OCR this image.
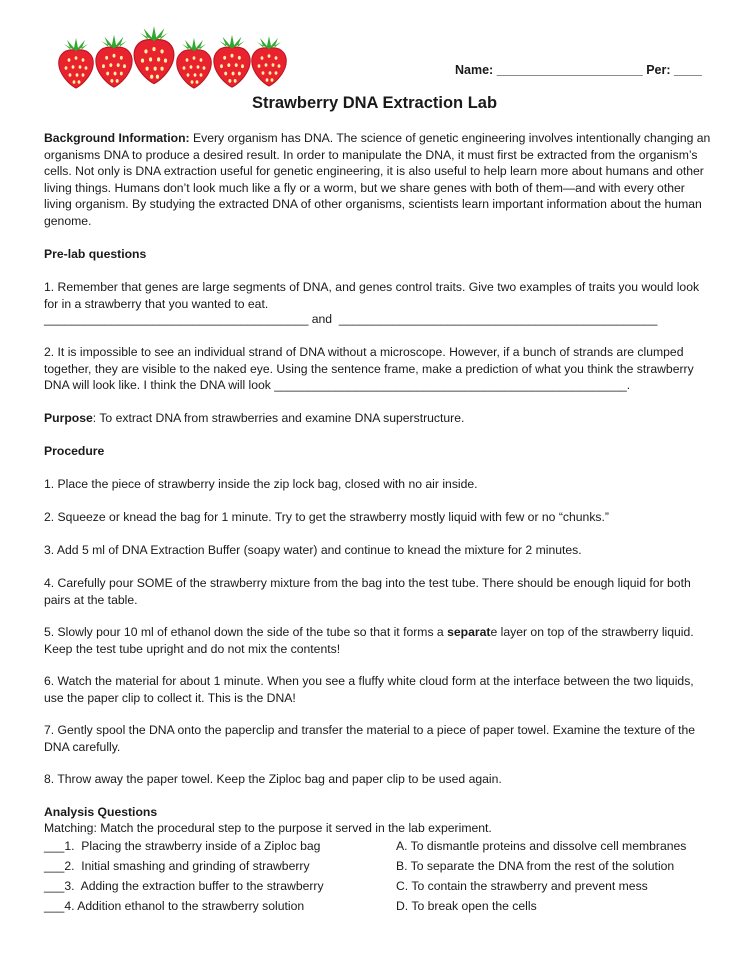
Name: _____________________ Per: ____
Strawberry DNA Extraction Lab
Background Information: Every organism has DNA. The science of genetic engineering involves intentionally changing an organisms DNA to produce a desired result. In order to manipulate the DNA, it must first be extracted from the organism’s cells. Not only is DNA extraction useful for genetic engineering, it is also useful to help learn more about humans and other living things. Humans don’t look much like a fly or a worm, but we share genes with both of them—and with every other living organism. By studying the extracted DNA of other organisms, scientists learn important information about the human genome.
Pre-lab questions
1. Remember that genes are large segments of DNA, and genes control traits. Give two examples of traits you would look for in a strawberry that you wanted to eat.
_______________________________________ and _______________________________________________
2. It is impossible to see an individual strand of DNA without a microscope. However, if a bunch of strands are clumped together, they are visible to the naked eye. Using the sentence frame, make a prediction of what you think the strawberry DNA will look like. I think the DNA will look ____________________________________________________.
Purpose: To extract DNA from strawberries and examine DNA superstructure.
Procedure
1. Place the piece of strawberry inside the zip lock bag, closed with no air inside.
2. Squeeze or knead the bag for 1 minute. Try to get the strawberry mostly liquid with few or no “chunks.”
3. Add 5 ml of DNA Extraction Buffer (soapy water) and continue to knead the mixture for 2 minutes.
4. Carefully pour SOME of the strawberry mixture from the bag into the test tube. There should be enough liquid for both pairs at the table.
5. Slowly pour 10 ml of ethanol down the side of the tube so that it forms a separate layer on top of the strawberry liquid. Keep the test tube upright and do not mix the contents!
6. Watch the material for about 1 minute. When you see a fluffy white cloud form at the interface between the two liquids, use the paper clip to collect it. This is the DNA!
7. Gently spool the DNA onto the paperclip and transfer the material to a piece of paper towel. Examine the texture of the DNA carefully.
8. Throw away the paper towel. Keep the Ziploc bag and paper clip to be used again.
Analysis Questions
Matching: Match the procedural step to the purpose it served in the lab experiment.
___1.  Placing the strawberry inside of a Ziploc bag
___2.  Initial smashing and grinding of strawberry
___3.  Adding the extraction buffer to the strawberry
___4. Addition ethanol to the strawberry solution
A. To dismantle proteins and dissolve cell membranes
B. To separate the DNA from the rest of the solution
C. To contain the strawberry and prevent mess
D. To break open the cells
